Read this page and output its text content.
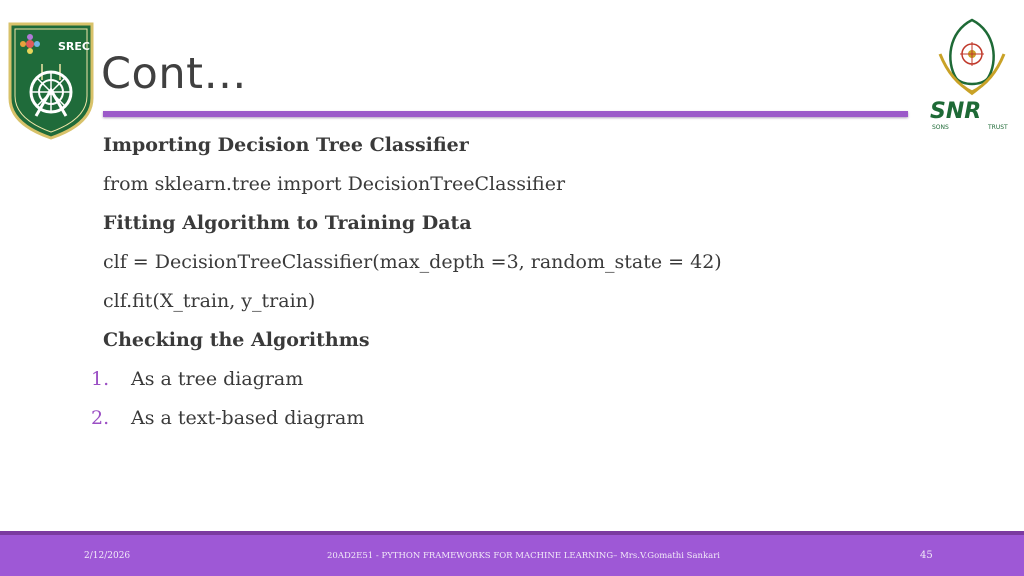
SREC
SNR
SONS	TRUST
Cont…
Importing Decision Tree Classifier
from sklearn.tree import DecisionTreeClassifier
Fitting Algorithm to Training Data
clf = DecisionTreeClassifier(max_depth =3, random_state = 42)
clf.fit(X_train, y_train)
Checking the Algorithms
1. As a tree diagram
2. As a text-based diagram
2/12/2026	20AD2E51 - PYTHON FRAMEWORKS FOR MACHINE LEARNING– Mrs.V.Gomathi Sankari	45
